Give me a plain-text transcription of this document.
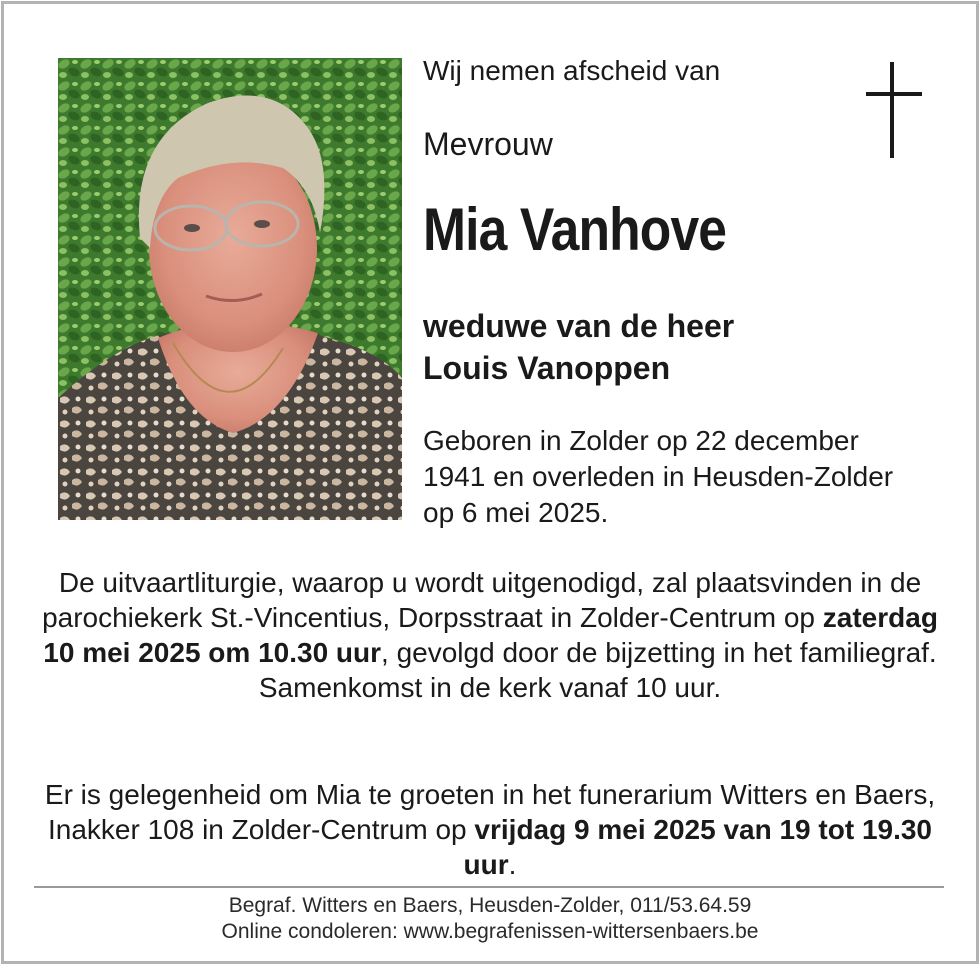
Wij nemen afscheid van

Mevrouw

Mia Vanhove

weduwe van de heer
Louis Vanoppen

Geboren in Zolder op 22 december 1941 en overleden in Heusden-Zolder op 6 mei 2025.

De uitvaartliturgie, waarop u wordt uitgenodigd, zal plaatsvinden in de parochiekerk St.-Vincentius, Dorpsstraat in Zolder-Centrum op zaterdag 10 mei 2025 om 10.30 uur, gevolgd door de bijzetting in het familiegraf. Samenkomst in de kerk vanaf 10 uur.

Er is gelegenheid om Mia te groeten in het funerarium Witters en Baers, Inakker 108 in Zolder-Centrum op vrijdag 9 mei 2025 van 19 tot 19.30 uur.

Begraf. Witters en Baers, Heusden-Zolder, 011/53.64.59
Online condoleren: www.begrafenissen-wittersenbaers.be
